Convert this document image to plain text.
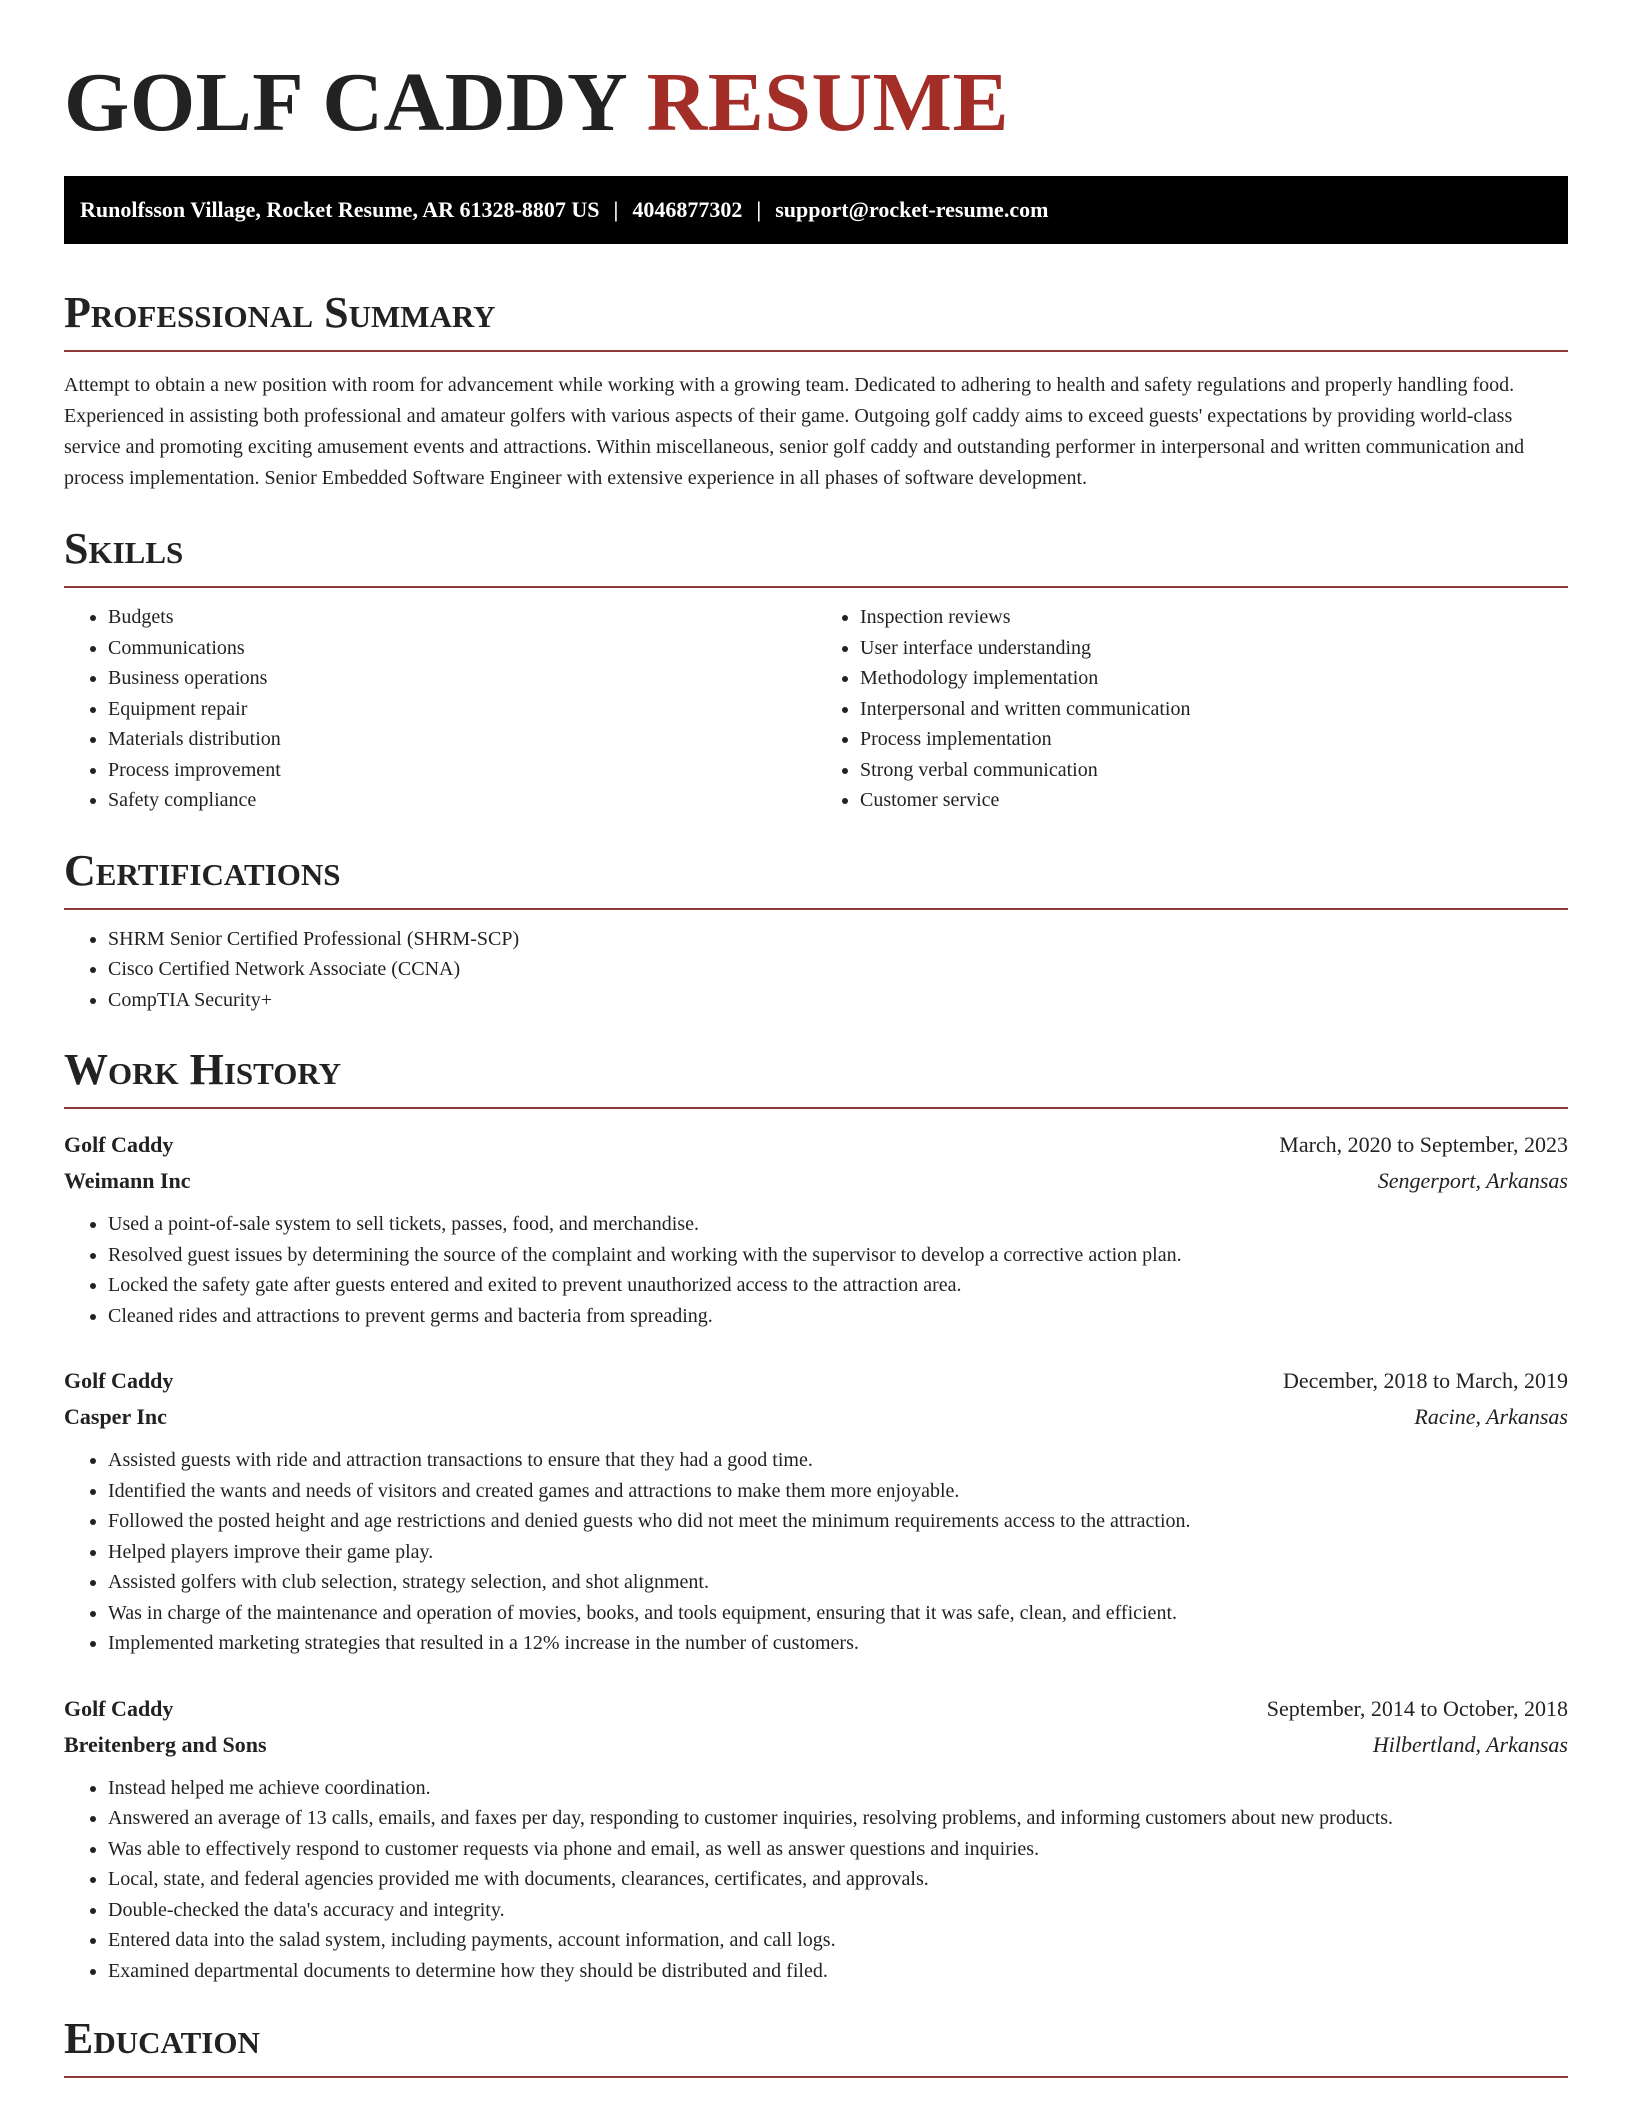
GOLF CADDY RESUME
Runolfsson Village, Rocket Resume, AR 61328-8807 US | 4046877302 | support@rocket-resume.com
Professional Summary

Attempt to obtain a new position with room for advancement while working with a growing team. Dedicated to adhering to health and safety regulations and properly handling food. Experienced in assisting both professional and amateur golfers with various aspects of their game. Outgoing golf caddy aims to exceed guests' expectations by providing world-class service and promoting exciting amusement events and attractions. Within miscellaneous, senior golf caddy and outstanding performer in interpersonal and written communication and process implementation. Senior Embedded Software Engineer with extensive experience in all phases of software development.

Skills
• Budgets
• Communications
• Business operations
• Equipment repair
• Materials distribution
• Process improvement
• Safety compliance
• Inspection reviews
• User interface understanding
• Methodology implementation
• Interpersonal and written communication
• Process implementation
• Strong verbal communication
• Customer service
Certifications
• SHRM Senior Certified Professional (SHRM-SCP)
• Cisco Certified Network Associate (CCNA)
• CompTIA Security+
Work History
Golf Caddy	March, 2020 to September, 2023
Weimann Inc	Sengerport, Arkansas
• Used a point-of-sale system to sell tickets, passes, food, and merchandise.
• Resolved guest issues by determining the source of the complaint and working with the supervisor to develop a corrective action plan.
• Locked the safety gate after guests entered and exited to prevent unauthorized access to the attraction area.
• Cleaned rides and attractions to prevent germs and bacteria from spreading.
Golf Caddy	December, 2018 to March, 2019
Casper Inc	Racine, Arkansas
• Assisted guests with ride and attraction transactions to ensure that they had a good time.
• Identified the wants and needs of visitors and created games and attractions to make them more enjoyable.
• Followed the posted height and age restrictions and denied guests who did not meet the minimum requirements access to the attraction.
• Helped players improve their game play.
• Assisted golfers with club selection, strategy selection, and shot alignment.
• Was in charge of the maintenance and operation of movies, books, and tools equipment, ensuring that it was safe, clean, and efficient.
• Implemented marketing strategies that resulted in a 12% increase in the number of customers.
Golf Caddy	September, 2014 to October, 2018
Breitenberg and Sons	Hilbertland, Arkansas
• Instead helped me achieve coordination.
• Answered an average of 13 calls, emails, and faxes per day, responding to customer inquiries, resolving problems, and informing customers about new products.
• Was able to effectively respond to customer requests via phone and email, as well as answer questions and inquiries.
• Local, state, and federal agencies provided me with documents, clearances, certificates, and approvals.
• Double-checked the data's accuracy and integrity.
• Entered data into the salad system, including payments, account information, and call logs.
• Examined departmental documents to determine how they should be distributed and filed.
Education
